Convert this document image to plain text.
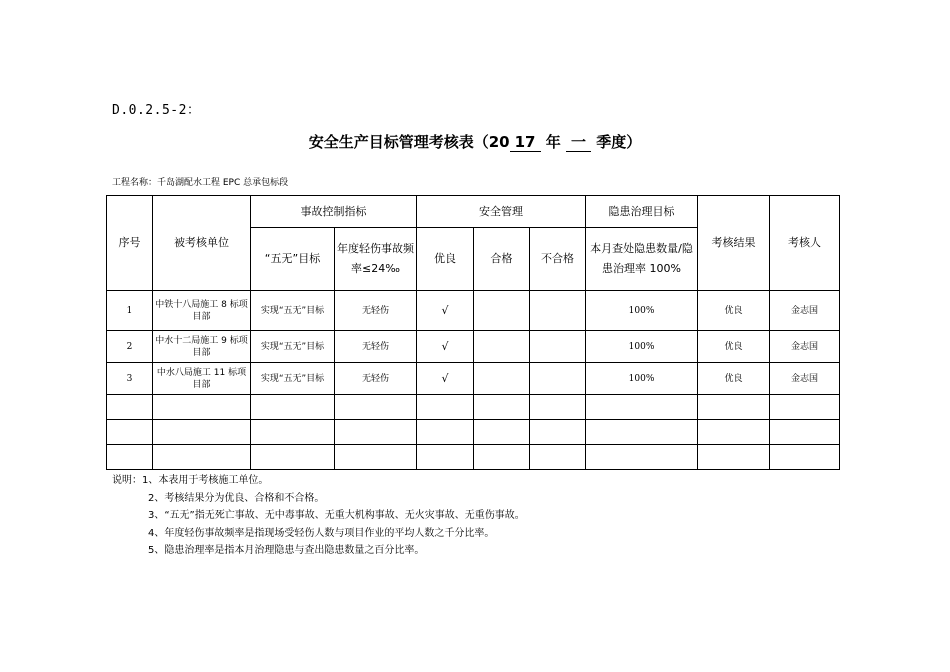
D.0.2.5-2：
安全生产目标管理考核表（20 17 年 一 季度）
工程名称：千岛湖配水工程 EPC 总承包标段
序号	被考核单位	事故控制指标		安全管理			隐患治理目标	考核结果	考核人
		“五无”目标	年度轻伤事故频率≤24‰	优良	合格	不合格	本月查处隐患数量/隐患治理率 100%		
1	中铁十八局施工 8 标项目部	实现“五无”目标	无轻伤	√			100%	优良	金志国
2	中水十二局施工 9 标项目部	实现“五无”目标	无轻伤	√			100%	优良	金志国
3	中水八局施工 11 标项目部	实现“五无”目标	无轻伤	√			100%	优良	金志国

说明：1、本表用于考核施工单位。
2、考核结果分为优良、合格和不合格。
3、“五无”指无死亡事故、无中毒事故、无重大机构事故、无火灾事故、无重伤事故。
4、年度轻伤事故频率是指现场受轻伤人数与项目作业的平均人数之千分比率。
5、隐患治理率是指本月治理隐患与查出隐患数量之百分比率。
